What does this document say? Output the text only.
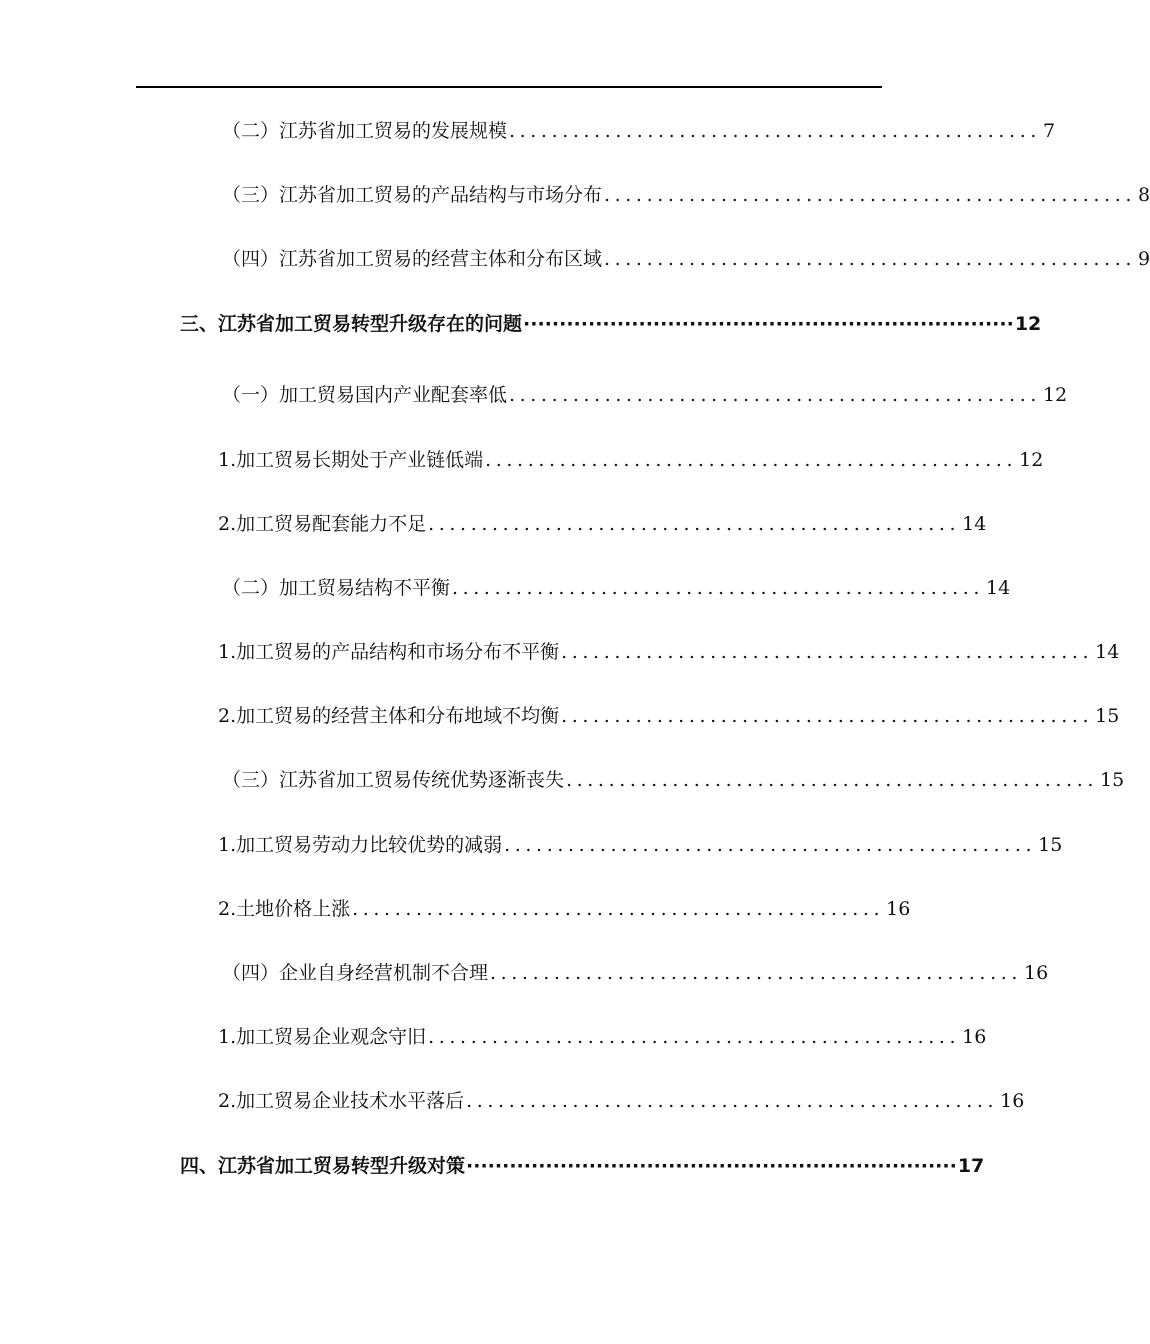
（二）江苏省加工贸易的发展规模 .................................................. 7
（三）江苏省加工贸易的产品结构与市场分布 .................................................. 8
（四）江苏省加工贸易的经营主体和分布区域 .................................................. 9
三、江苏省加工贸易转型升级存在的问题 ···································································· 12
（一）加工贸易国内产业配套率低 .................................................. 12
1.加工贸易长期处于产业链低端 .................................................. 12
2.加工贸易配套能力不足 .................................................. 14
（二）加工贸易结构不平衡 .................................................. 14
1.加工贸易的产品结构和市场分布不平衡 .................................................. 14
2.加工贸易的经营主体和分布地域不均衡 .................................................. 15
（三）江苏省加工贸易传统优势逐渐丧失 .................................................. 15
1.加工贸易劳动力比较优势的减弱 .................................................. 15
2.土地价格上涨 .................................................. 16
（四）企业自身经营机制不合理 .................................................. 16
1.加工贸易企业观念守旧 .................................................. 16
2.加工贸易企业技术水平落后 .................................................. 16
四、江苏省加工贸易转型升级对策 ···································································· 17
